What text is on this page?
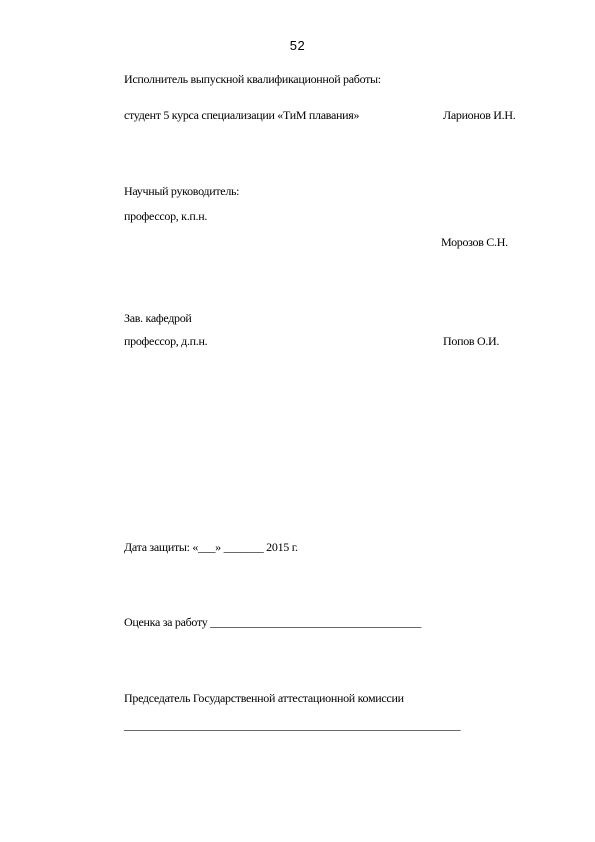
52
Исполнитель выпускной квалификационной работы:
студент 5 курса специализации «ТиМ плавания»	Ларионов И.Н.
Научный руководитель:
профессор, к.п.н.
Морозов С.Н.
Зав. кафедрой
профессор, д.п.н.	Попов О.И.
Дата защиты: «___» _______ 2015 г.
Оценка за работу _____________________________________
Председатель Государственной аттестационной комиссии
___________________________________________________________
